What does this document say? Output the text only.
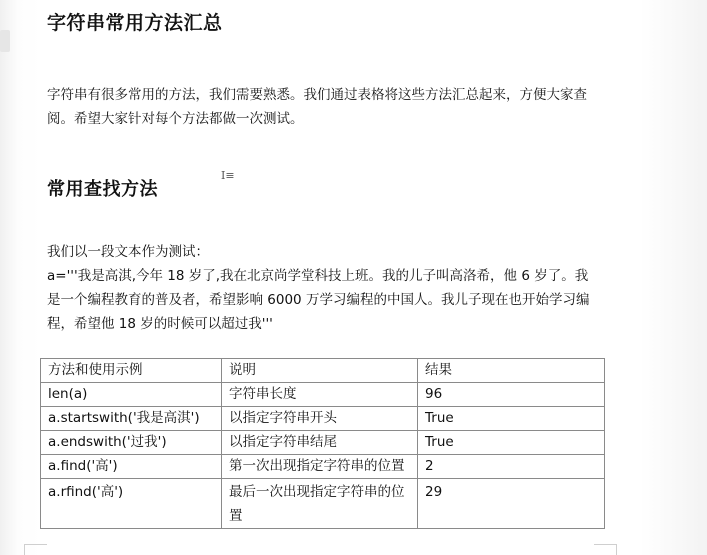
字符串常用方法汇总
字符串有很多常用的方法，我们需要熟悉。我们通过表格将这些方法汇总起来，方便大家查阅。希望大家针对每个方法都做一次测试。
常用查找方法
I≡
我们以一段文本作为测试：
a='''我是高淇,今年 18 岁了,我在北京尚学堂科技上班。我的儿子叫高洛希，他 6 岁了。我
是一个编程教育的普及者，希望影响 6000 万学习编程的中国人。我儿子现在也开始学习编
程，希望他 18 岁的时候可以超过我'''
方法和使用示例	说明	结果
len(a)	字符串长度	96
a.startswith('我是高淇')	以指定字符串开头	True
a.endswith('过我')	以指定字符串结尾	True
a.find('高')	第一次出现指定字符串的位置	2
a.rfind('高')	最后一次出现指定字符串的位置	29
